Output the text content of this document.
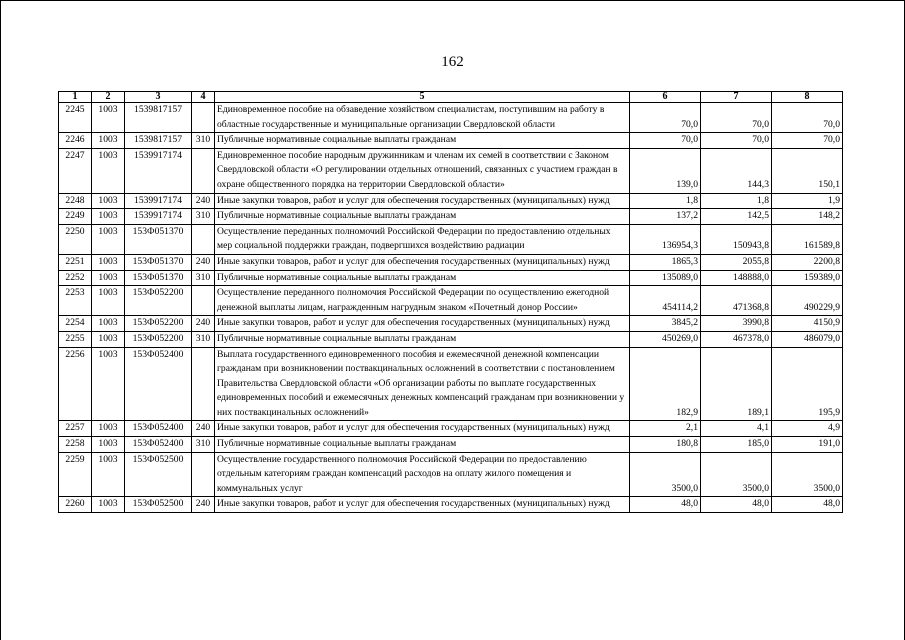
162
1	2	3	4	5	6	7	8
2245	1003	1539817157		Единовременное пособие на обзаведение хозяйством специалистам, поступившим на работу в областные государственные и муниципальные организации Свердловской области	70,0	70,0	70,0
2246	1003	1539817157	310	Публичные нормативные социальные выплаты гражданам	70,0	70,0	70,0
2247	1003	1539917174		Единовременное пособие народным дружинникам и членам их семей в соответствии с Законом Свердловской области «О регулировании отдельных отношений, связанных с участием граждан в охране общественного порядка на территории Свердловской области»	139,0	144,3	150,1
2248	1003	1539917174	240	Иные закупки товаров, работ и услуг для обеспечения государственных (муниципальных) нужд	1,8	1,8	1,9
2249	1003	1539917174	310	Публичные нормативные социальные выплаты гражданам	137,2	142,5	148,2
2250	1003	153Ф051370		Осуществление переданных полномочий Российской Федерации по предоставлению отдельных мер социальной поддержки граждан, подвергшихся воздействию радиации	136954,3	150943,8	161589,8
2251	1003	153Ф051370	240	Иные закупки товаров, работ и услуг для обеспечения государственных (муниципальных) нужд	1865,3	2055,8	2200,8
2252	1003	153Ф051370	310	Публичные нормативные социальные выплаты гражданам	135089,0	148888,0	159389,0
2253	1003	153Ф052200		Осуществление переданного полномочия Российской Федерации по осуществлению ежегодной денежной выплаты лицам, награжденным нагрудным знаком «Почетный донор России»	454114,2	471368,8	490229,9
2254	1003	153Ф052200	240	Иные закупки товаров, работ и услуг для обеспечения государственных (муниципальных) нужд	3845,2	3990,8	4150,9
2255	1003	153Ф052200	310	Публичные нормативные социальные выплаты гражданам	450269,0	467378,0	486079,0
2256	1003	153Ф052400		Выплата государственного единовременного пособия и ежемесячной денежной компенсации гражданам при возникновении поствакцинальных осложнений в соответствии с постановлением Правительства Свердловской области «Об организации работы по выплате государственных единовременных пособий и ежемесячных денежных компенсаций гражданам при возникновении у них поствакцинальных осложнений»	182,9	189,1	195,9
2257	1003	153Ф052400	240	Иные закупки товаров, работ и услуг для обеспечения государственных (муниципальных) нужд	2,1	4,1	4,9
2258	1003	153Ф052400	310	Публичные нормативные социальные выплаты гражданам	180,8	185,0	191,0
2259	1003	153Ф052500		Осуществление государственного полномочия Российской Федерации по предоставлению отдельным категориям граждан компенсаций расходов на оплату жилого помещения и коммунальных услуг	3500,0	3500,0	3500,0
2260	1003	153Ф052500	240	Иные закупки товаров, работ и услуг для обеспечения государственных (муниципальных) нужд	48,0	48,0	48,0
